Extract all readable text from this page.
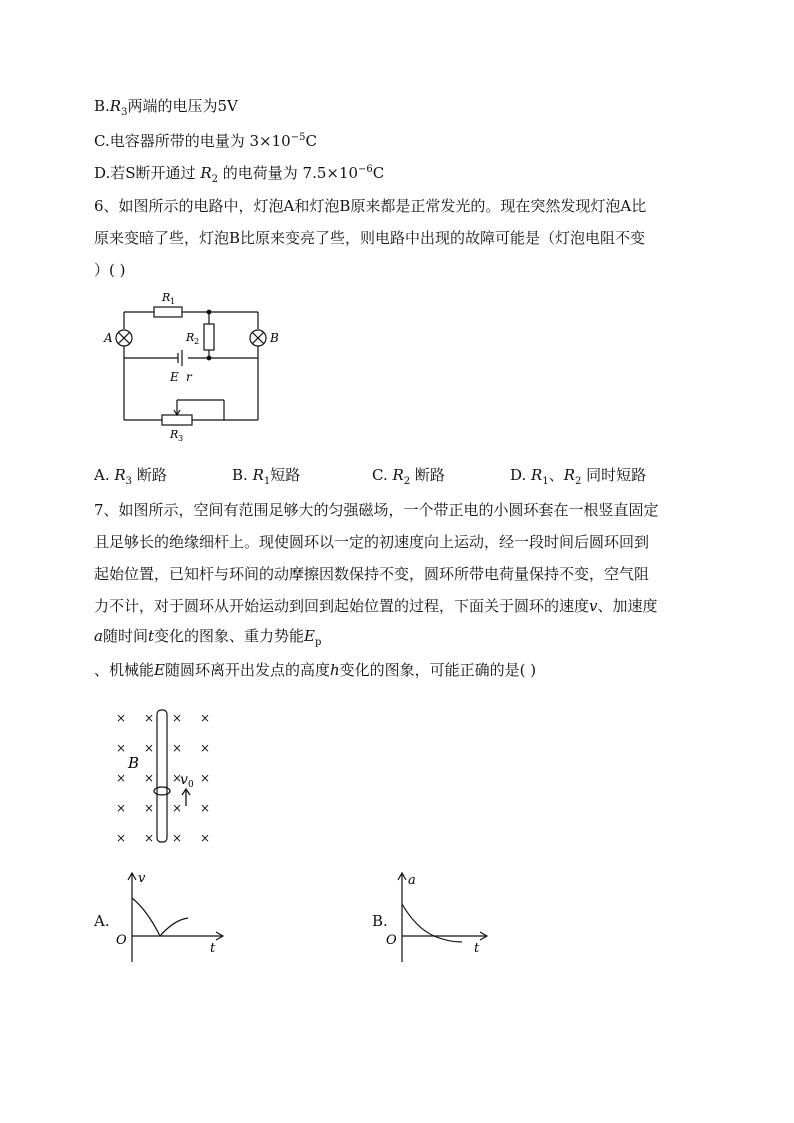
$B.R_3$两端的电压为5V
C.电容器所带的电量为 $3\times 10^{-5}C$
D.若S断开通过 $R_2$ 的电荷量为 $7.5\times 10^{-6}C$
6、如图所示的电路中，灯泡A和灯泡B原来都是正常发光的。现在突然发现灯泡A比
原来变暗了些，灯泡B比原来变亮了些，则电路中出现的故障可能是（灯泡电阻不变
）( )
A	B
R 1
R 2
E r
R 3
A. $R_3$ 断路	B. $R_1$短路	C. $R_2$ 断路	D. $R_1$、$R_2$ 同时短路
7、如图所示，空间有范围足够大的匀强磁场，一个带正电的小圆环套在一根竖直固定
且足够长的绝缘细杆上。现使圆环以一定的初速度向上运动，经一段时间后圆环回到
起始位置，已知杆与环间的动摩擦因数保持不变，圆环所带电荷量保持不变，空气阻
力不计，对于圆环从开始运动到回到起始位置的过程，下面关于圆环的速度v、加速度
a随时间t变化的图象、重力势能$E_p$
、机械能E随圆环离开出发点的高度h变化的图象，可能正确的是( )
× × × ×
× × × ×
× × × ×
× × × ×
× × × ×
B
v 0
A.
v
t
O
B.
a
t
O
